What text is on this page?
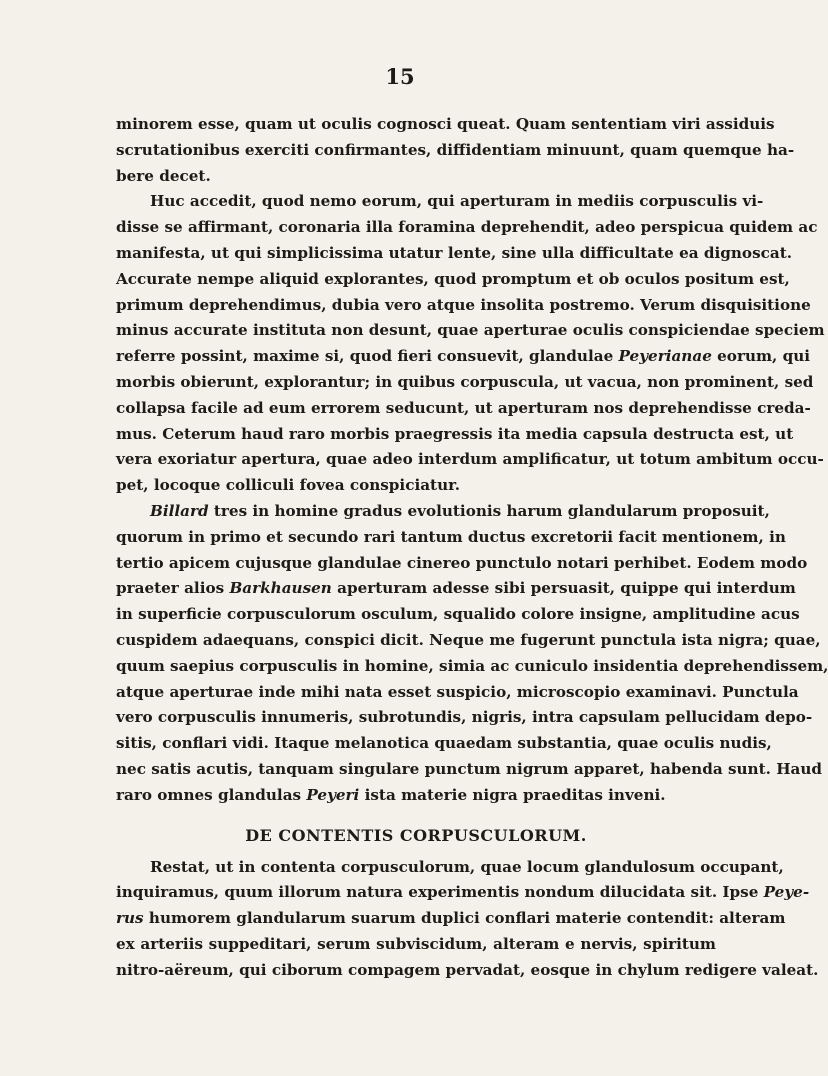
15
minorem esse, quam ut oculis cognosci queat. Quam sententiam viri assiduis
scrutationibus exerciti confirmantes, diffidentiam minuunt, quam quemque ha-
bere decet.
Huc accedit, quod nemo eorum, qui aperturam in mediis corpusculis vi-
disse se affirmant, coronaria illa foramina deprehendit, adeo perspicua quidem ac
manifesta, ut qui simplicissima utatur lente, sine ulla difficultate ea dignoscat.
Accurate nempe aliquid explorantes, quod promptum et ob oculos positum est,
primum deprehendimus, dubia vero atque insolita postremo. Verum disquisitione
minus accurate instituta non desunt, quae aperturae oculis conspiciendae speciem
referre possint, maxime si, quod fieri consuevit, glandulae Peyerianae eorum, qui
morbis obierunt, explorantur; in quibus corpuscula, ut vacua, non prominent, sed
collapsa facile ad eum errorem seducunt, ut aperturam nos deprehendisse creda-
mus. Ceterum haud raro morbis praegressis ita media capsula destructa est, ut
vera exoriatur apertura, quae adeo interdum amplificatur, ut totum ambitum occu-
pet, locoque colliculi fovea conspiciatur.
Billard tres in homine gradus evolutionis harum glandularum proposuit,
quorum in primo et secundo rari tantum ductus excretorii facit mentionem, in
tertio apicem cujusque glandulae cinereo punctulo notari perhibet. Eodem modo
praeter alios Barkhausen aperturam adesse sibi persuasit, quippe qui interdum
in superficie corpusculorum osculum, squalido colore insigne, amplitudine acus
cuspidem adaequans, conspici dicit. Neque me fugerunt punctula ista nigra; quae,
quum saepius corpusculis in homine, simia ac cuniculo insidentia deprehendissem,
atque aperturae inde mihi nata esset suspicio, microscopio examinavi. Punctula
vero corpusculis innumeris, subrotundis, nigris, intra capsulam pellucidam depo-
sitis, conflari vidi. Itaque melanotica quaedam substantia, quae oculis nudis,
nec satis acutis, tanquam singulare punctum nigrum apparet, habenda sunt. Haud
raro omnes glandulas Peyeri ista materie nigra praeditas inveni.
DE CONTENTIS CORPUSCULORUM.
Restat, ut in contenta corpusculorum, quae locum glandulosum occupant,
inquiramus, quum illorum natura experimentis nondum dilucidata sit. Ipse Peye-
rus humorem glandularum suarum duplici conflari materie contendit: alteram
ex arteriis suppeditari, serum subviscidum, alteram e nervis, spiritum
nitro-aëreum, qui ciborum compagem pervadat, eosque in chylum redigere valeat.
